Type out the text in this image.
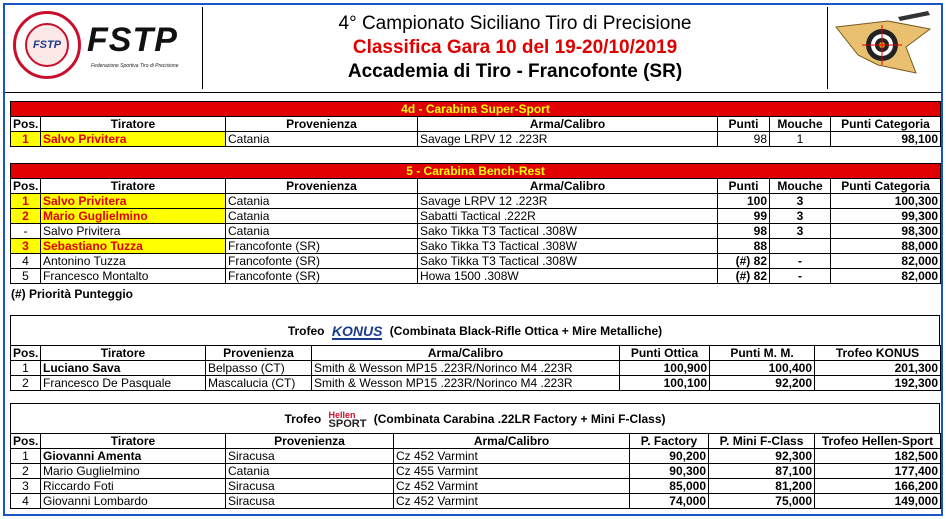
FSTP FSTP
Federazione Sportiva Tiro di Precisione
4° Campionato Siciliano Tiro di Precisione
Classifica Gara 10 del 19-20/10/2019
Accademia di Tiro - Francofonte (SR)
4d - Carabina Super-Sport						
Pos.	Tiratore	Provenienza	Arma/Calibro	Punti	Mouche	Punti Categoria
1	Salvo Privitera	Catania	Savage LRPV 12 .223R	98	1	98,100
5 - Carabina Bench-Rest						
Pos.	Tiratore	Provenienza	Arma/Calibro	Punti	Mouche	Punti Categoria
1	Salvo Privitera	Catania	Savage LRPV 12 .223R	100	3	100,300
2	Mario Guglielmino	Catania	Sabatti Tactical .222R	99	3	99,300
-	Salvo Privitera	Catania	Sako Tikka T3 Tactical .308W	98	3	98,300
3	Sebastiano Tuzza	Francofonte (SR)	Sako Tikka T3 Tactical .308W	88		88,000
4	Antonino Tuzza	Francofonte (SR)	Sako Tikka T3 Tactical .308W	(#) 82	-	82,000
5	Francesco Montalto	Francofonte (SR)	Howa 1500 .308W	(#) 82	-	82,000
(#) Priorità Punteggio
Trofeo KONUS (Combinata Black-Rifle Ottica + Mire Metalliche)
Pos.	Tiratore	Provenienza	Arma/Calibro	Punti Ottica	Punti M. M.	Trofeo KONUS
1	Luciano Sava	Belpasso (CT)	Smith & Wesson MP15 .223R/Norinco M4 .223R	100,900	100,400	201,300
2	Francesco De Pasquale	Mascalucia (CT)	Smith & Wesson MP15 .223R/Norinco M4 .223R	100,100	92,200	192,300
Trofeo Hellen
SPORT (Combinata Carabina .22LR Factory + Mini F-Class)
Pos.	Tiratore	Provenienza	Arma/Calibro	P. Factory	P. Mini F-Class	Trofeo Hellen-Sport
1	Giovanni Amenta	Siracusa	Cz 452 Varmint	90,200	92,300	182,500
2	Mario Guglielmino	Catania	Cz 455 Varmint	90,300	87,100	177,400
3	Riccardo Foti	Siracusa	Cz 452 Varmint	85,000	81,200	166,200
4	Giovanni Lombardo	Siracusa	Cz 452 Varmint	74,000	75,000	149,000
